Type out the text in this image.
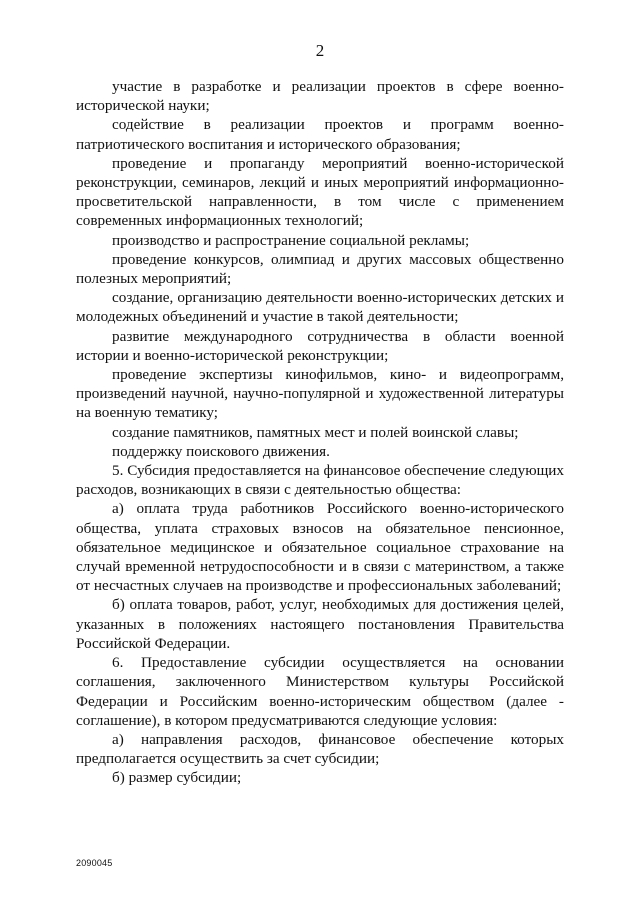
2

участие в разработке и реализации проектов в сфере военно-исторической науки;

содействие в реализации проектов и программ военно-патриотического воспитания и исторического образования;

проведение и пропаганду мероприятий военно-исторической реконструкции, семинаров, лекций и иных мероприятий информационно-просветительской направленности, в том числе с применением современных информационных технологий;

производство и распространение социальной рекламы;

проведение конкурсов, олимпиад и других массовых общественно полезных мероприятий;

создание, организацию деятельности военно-исторических детских и молодежных объединений и участие в такой деятельности;

развитие международного сотрудничества в области военной истории и военно-исторической реконструкции;

проведение экспертизы кинофильмов, кино- и видеопрограмм, произведений научной, научно-популярной и художественной литературы на военную тематику;

создание памятников, памятных мест и полей воинской славы;

поддержку поискового движения.

5. Субсидия предоставляется на финансовое обеспечение следующих расходов, возникающих в связи с деятельностью общества:

а) оплата труда работников Российского военно-исторического общества, уплата страховых взносов на обязательное пенсионное, обязательное медицинское и обязательное социальное страхование на случай временной нетрудоспособности и в связи с материнством, а также от несчастных случаев на производстве и профессиональных заболеваний;

б) оплата товаров, работ, услуг, необходимых для достижения целей, указанных в положениях настоящего постановления Правительства Российской Федерации.

6. Предоставление субсидии осуществляется на основании соглашения, заключенного Министерством культуры Российской Федерации и Российским военно-историческим обществом (далее - соглашение), в котором предусматриваются следующие условия:

а) направления расходов, финансовое обеспечение которых предполагается осуществить за счет субсидии;

б) размер субсидии;

2090045
